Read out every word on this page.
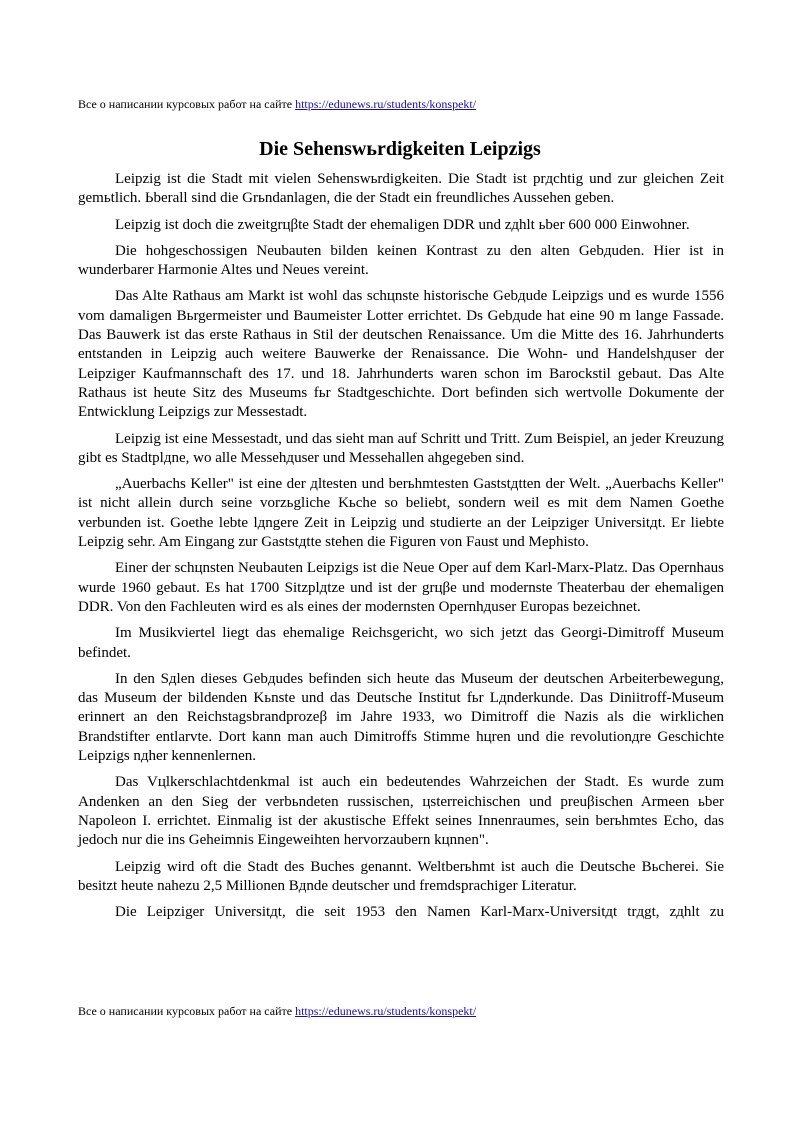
Все о написании курсовых работ на сайте https://edunews.ru/students/konspekt/
Die Sehenswьrdigkeiten Leipzigs

Leipzig ist die Stadt mit vielen Sehenswьrdigkeiten. Die Stadt ist prдchtig und zur gleichen Zeit gemьtlich. Ьberall sind die Grьndanlagen, die der Stadt ein freundliches Aussehen geben.

Leipzig ist doch die zweitgrцβte Stadt der ehemaligen DDR und zдhlt ьber 600 000 Einwohner.

Die hohgeschossigen Neubauten bilden keinen Kontrast zu den alten Gebдuden. Hier ist in wunderbarer Harmonie Altes und Neues vereint.

Das Alte Rathaus am Markt ist wohl das schцnste historische Gebдude Leipzigs und es wurde 1556 vom damaligen Bьrgermeister und Baumeister Lotter errichtet. Ds Gebдude hat eine 90 m lange Fassade. Das Bauwerk ist das erste Rathaus in Stil der deutschen Renaissance. Um die Mitte des 16. Jahrhunderts entstanden in Leipzig auch weitere Bauwerke der Renaissance. Die Wohn- und Handelshдuser der Leipziger Kaufmannschaft des 17. und 18. Jahrhunderts waren schon im Barockstil gebaut. Das Alte Rathaus ist heute Sitz des Museums fьr Stadtgeschichte. Dort befinden sich wertvolle Dokumente der Entwicklung Leipzigs zur Messestadt.

Leipzig ist eine Messestadt, und das sieht man auf Schritt und Tritt. Zum Beispiel, an jeder Kreuzung gibt es Stadtplдne, wo alle Messehдuser und Messehallen ahgegeben sind.

„Auerbachs Keller" ist eine der дltesten und berьhmtesten Gaststдtten der Welt. „Auerbachs Keller" ist nicht allein durch seine vorzьgliche Kьche so beliebt, sondern weil es mit dem Namen Goethe verbunden ist. Goethe lebte lдngere Zeit in Leipzig und studierte an der Leipziger Universitдt. Er liebte Leipzig sehr. Am Eingang zur Gaststдtte stehen die Figuren von Faust und Mephisto.

Einer der schцnsten Neubauten Leipzigs ist die Neue Oper auf dem Karl-Marx-Platz. Das Opernhaus wurde 1960 gebaut. Es hat 1700 Sitzplдtze und ist der grцβe und modernste Theaterbau der ehemaligen DDR. Von den Fachleuten wird es als eines der modernsten Opernhдuser Europas bezeichnet.

Im Musikviertel liegt das ehemalige Reichsgericht, wo sich jetzt das Georgi-Dimitroff Museum befindet.

In den Sдlen dieses Gebдudes befinden sich heute das Museum der deutschen Arbeiterbewegung, das Museum der bildenden Kьnste und das Deutsche Institut fьr Lдnderkunde. Das Diniitroff-Museum erinnert an den Reichstagsbrandprozeβ im Jahre 1933, wo Dimitroff die Nazis als die wirklichen Brandstifter entlarvte. Dort kann man auch Dimitroffs Stimme hцren und die revolutionдre Geschichte Leipzigs nдher kennenlernen.

Das Vцlkerschlachtdenkmal ist auch ein bedeutendes Wahrzeichen der Stadt. Es wurde zum Andenken an den Sieg der verbьndeten russischen, цsterreichischen und preuβischen Armeen ьber Napoleon I. errichtet. Einmalig ist der akustische Effekt seines Innenraumes, sein berьhmtes Echo, das jedoch nur die ins Geheimnis Eingeweihten hervorzaubern kцnnen".

Leipzig wird oft die Stadt des Buches genannt. Weltberьhmt ist auch die Deutsche Bьcherei. Sie besitzt heute nahezu 2,5 Millionen Bдnde deutscher und fremdsprachiger Literatur.

Die Leipziger Universitдt, die seit 1953 den Namen Karl-Marx-Universitдt trдgt, zдhlt zu

Все о написании курсовых работ на сайте https://edunews.ru/students/konspekt/
